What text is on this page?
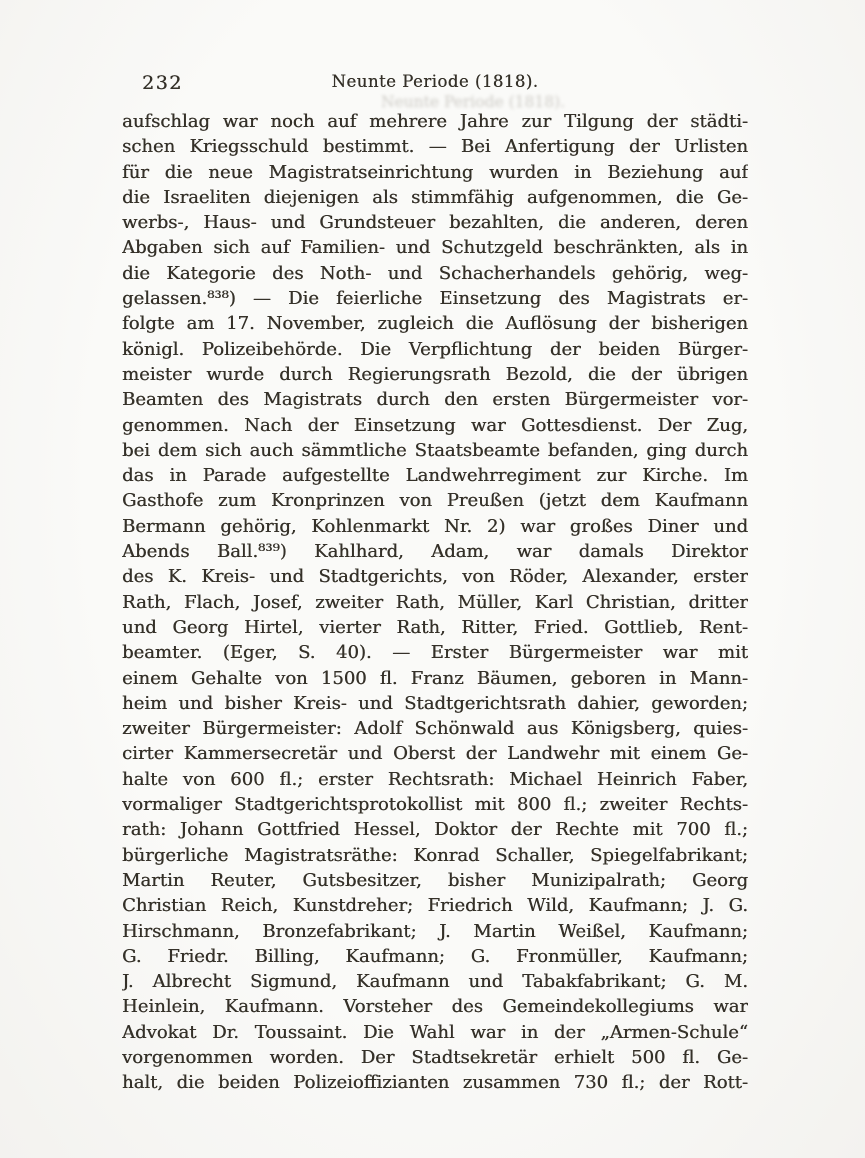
232	Neunte Periode (1818).
Neunte Periode (1818).
aufschlag war noch auf mehrere Jahre zur Tilgung der städti-
schen Kriegsschuld bestimmt. — Bei Anfertigung der Urlisten
für die neue Magistratseinrichtung wurden in Beziehung auf
die Israeliten diejenigen als stimmfähig aufgenommen, die Ge-
werbs-, Haus- und Grundsteuer bezahlten, die anderen, deren
Abgaben sich auf Familien- und Schutzgeld beschränkten, als in
die Kategorie des Noth- und Schacherhandels gehörig, weg-
gelassen.⁸³⁸) — Die feierliche Einsetzung des Magistrats er-
folgte am 17. November, zugleich die Auflösung der bisherigen
königl. Polizeibehörde. Die Verpflichtung der beiden Bürger-
meister wurde durch Regierungsrath Bezold, die der übrigen
Beamten des Magistrats durch den ersten Bürgermeister vor-
genommen. Nach der Einsetzung war Gottesdienst. Der Zug,
bei dem sich auch sämmtliche Staatsbeamte befanden, ging durch
das in Parade aufgestellte Landwehrregiment zur Kirche. Im
Gasthofe zum Kronprinzen von Preußen (jetzt dem Kaufmann
Bermann gehörig, Kohlenmarkt Nr. 2) war großes Diner und
Abends Ball.⁸³⁹) Kahlhard, Adam, war damals Direktor
des K. Kreis- und Stadtgerichts, von Röder, Alexander, erster
Rath, Flach, Josef, zweiter Rath, Müller, Karl Christian, dritter
und Georg Hirtel, vierter Rath, Ritter, Fried. Gottlieb, Rent-
beamter. (Eger, S. 40). — Erster Bürgermeister war mit
einem Gehalte von 1500 fl. Franz Bäumen, geboren in Mann-
heim und bisher Kreis- und Stadtgerichtsrath dahier, geworden;
zweiter Bürgermeister: Adolf Schönwald aus Königsberg, quies-
cirter Kammersecretär und Oberst der Landwehr mit einem Ge-
halte von 600 fl.; erster Rechtsrath: Michael Heinrich Faber,
vormaliger Stadtgerichtsprotokollist mit 800 fl.; zweiter Rechts-
rath: Johann Gottfried Hessel, Doktor der Rechte mit 700 fl.;
bürgerliche Magistratsräthe: Konrad Schaller, Spiegelfabrikant;
Martin Reuter, Gutsbesitzer, bisher Munizipalrath; Georg
Christian Reich, Kunstdreher; Friedrich Wild, Kaufmann; J. G.
Hirschmann, Bronzefabrikant; J. Martin Weißel, Kaufmann;
G. Friedr. Billing, Kaufmann; G. Fronmüller, Kaufmann;
J. Albrecht Sigmund, Kaufmann und Tabakfabrikant; G. M.
Heinlein, Kaufmann. Vorsteher des Gemeindekollegiums war
Advokat Dr. Toussaint. Die Wahl war in der „Armen-Schule“
vorgenommen worden. Der Stadtsekretär erhielt 500 fl. Ge-
halt, die beiden Polizeioffizianten zusammen 730 fl.; der Rott-
